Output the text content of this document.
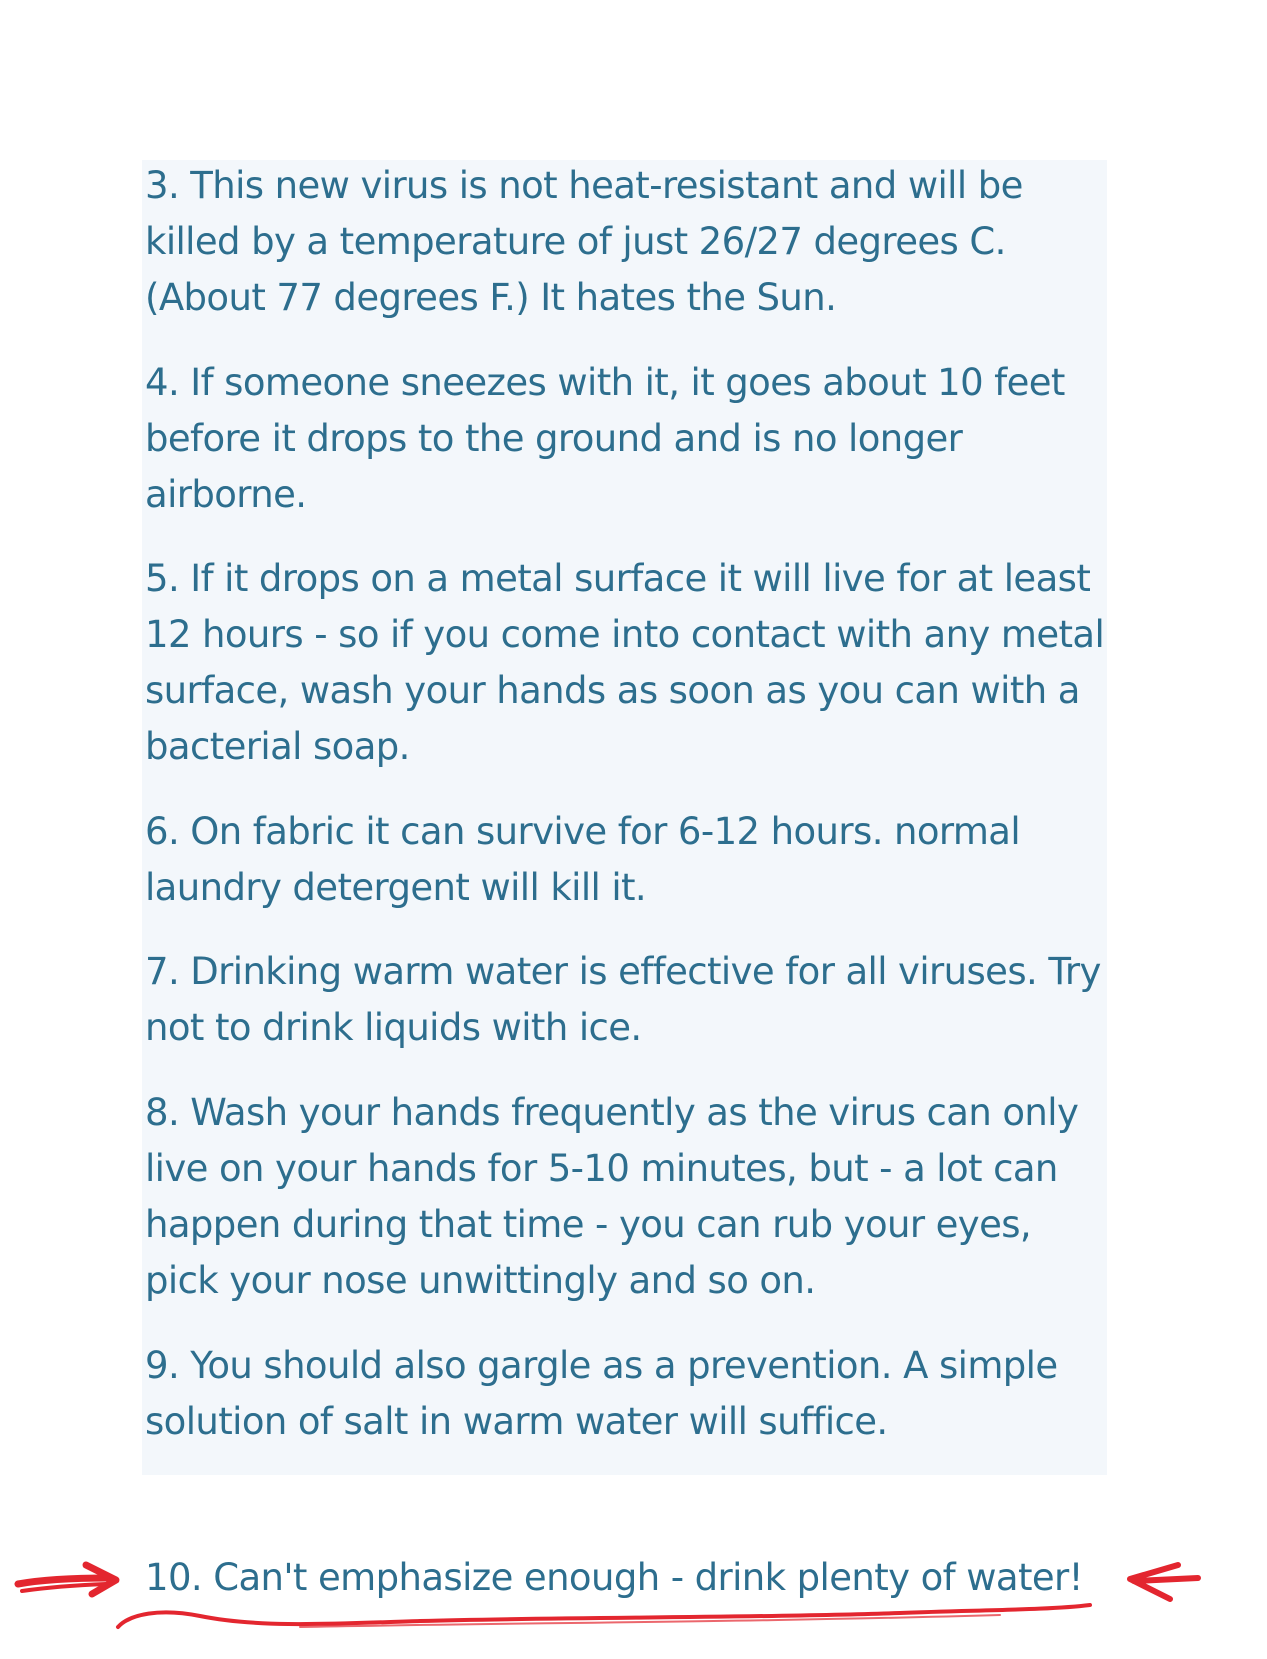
3. This new virus is not heat-resistant and will be killed by a temperature of just 26/27 degrees C. (About 77 degrees F.) It hates the Sun.

4. If someone sneezes with it, it goes about 10 feet before it drops to the ground and is no longer airborne.

5. If it drops on a metal surface it will live for at least 12 hours - so if you come into contact with any metal surface, wash your hands as soon as you can with a bacterial soap.

6. On fabric it can survive for 6-12 hours. normal laundry detergent will kill it.

7. Drinking warm water is effective for all viruses. Try not to drink liquids with ice.

8. Wash your hands frequently as the virus can only live on your hands for 5-10 minutes, but - a lot can happen during that time - you can rub your eyes, pick your nose unwittingly and so on.

9. You should also gargle as a prevention. A simple solution of salt in warm water will suffice.

10. Can't emphasize enough - drink plenty of water!
